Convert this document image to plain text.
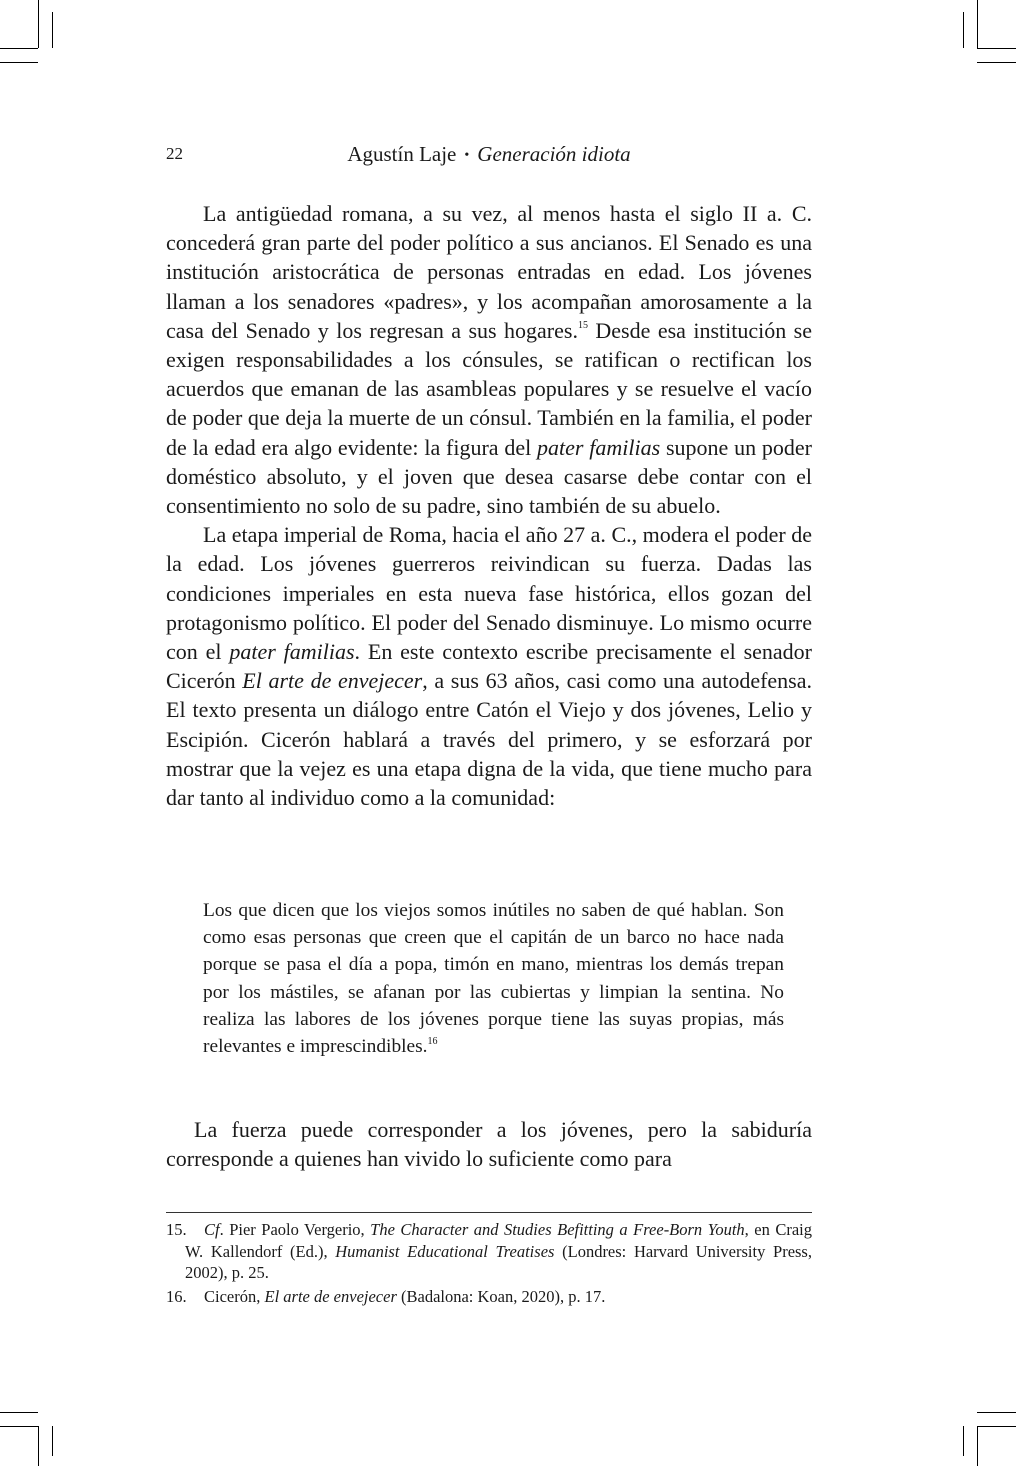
22	Agustín Laje • Generación idiota

La antigüedad romana, a su vez, al menos hasta el siglo II a. C. concederá gran parte del poder político a sus ancianos. El Senado es una institución aristocrática de personas entradas en edad. Los jóvenes llaman a los senadores «padres», y los acompañan amorosamente a la casa del Senado y los regresan a sus hogares.$^{15}$ Desde esa institución se exigen responsabilidades a los cónsules, se ratifican o rectifican los acuerdos que emanan de las asambleas populares y se resuelve el vacío de poder que deja la muerte de un cónsul. También en la familia, el poder de la edad era algo evidente: la figura del pater familias supone un poder doméstico absoluto, y el joven que desea casarse debe contar con el consentimiento no solo de su padre, sino también de su abuelo.

La etapa imperial de Roma, hacia el año 27 a. C., modera el poder de la edad. Los jóvenes guerreros reivindican su fuerza. Dadas las condiciones imperiales en esta nueva fase histórica, ellos gozan del protagonismo político. El poder del Senado disminuye. Lo mismo ocurre con el pater familias. En este contexto escribe precisamente el senador Cicerón El arte de envejecer, a sus 63 años, casi como una autodefensa. El texto presenta un diálogo entre Catón el Viejo y dos jóvenes, Lelio y Escipión. Cicerón hablará a través del primero, y se esforzará por mostrar que la vejez es una etapa digna de la vida, que tiene mucho para dar tanto al individuo como a la comunidad:

Los que dicen que los viejos somos inútiles no saben de qué hablan. Son como esas personas que creen que el capitán de un barco no hace nada porque se pasa el día a popa, timón en mano, mientras los demás trepan por los mástiles, se afanan por las cubiertas y limpian la sentina. No realiza las labores de los jóvenes porque tiene las suyas propias, más relevantes e imprescindibles.$^{16}$

La fuerza puede corresponder a los jóvenes, pero la sabiduría corresponde a quienes han vivido lo suficiente como para

15. Cf. Pier Paolo Vergerio, The Character and Studies Befitting a Free-Born Youth, en Craig W. Kallendorf (Ed.), Humanist Educational Treatises (Londres: Harvard University Press, 2002), p. 25.

16. Cicerón, El arte de envejecer (Badalona: Koan, 2020), p. 17.
